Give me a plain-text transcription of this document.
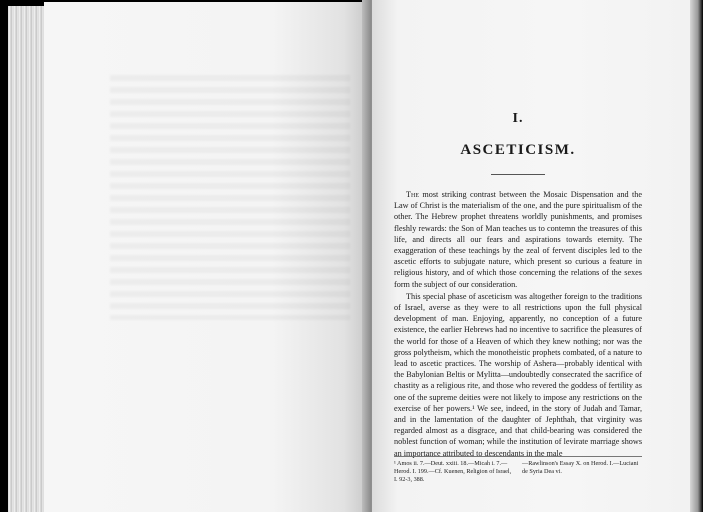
I.
ASCETICISM.

The most striking contrast between the Mosaic Dispensation and the Law of Christ is the materialism of the one, and the pure spiritualism of the other. The Hebrew prophet threatens worldly punishments, and promises fleshly rewards: the Son of Man teaches us to contemn the treasures of this life, and directs all our fears and aspirations towards eternity. The exaggeration of these teachings by the zeal of fervent disciples led to the ascetic efforts to subjugate nature, which present so curious a feature in religious history, and of which those concerning the relations of the sexes form the subject of our consideration.

This special phase of asceticism was altogether foreign to the traditions of Israel, averse as they were to all restrictions upon the full physical development of man. Enjoying, apparently, no conception of a future existence, the earlier Hebrews had no incentive to sacrifice the pleasures of the world for those of a Heaven of which they knew nothing; nor was the gross polytheism, which the monotheistic prophets combated, of a nature to lead to ascetic practices. The worship of Ashera—probably identical with the Babylonian Beltis or Mylitta—undoubtedly consecrated the sacrifice of chastity as a religious rite, and those who revered the goddess of fertility as one of the supreme deities were not likely to impose any restrictions on the exercise of her powers.¹ We see, indeed, in the story of Judah and Tamar, and in the lamentation of the daughter of Jephthah, that virginity was regarded almost as a disgrace, and that child-bearing was considered the noblest function of woman; while the institution of levirate marriage shows an importance attributed to descendants in the male

¹ Amos ii. 7.—Deut. xxiii. 18.—Micah i. 7.—Herod. I. 199.—Cf. Kuenen, Religion of Israel, I. 92-3, 388.
—Rawlinson's Essay X. on Herod. I.—Luciani de Syria Dea vi.
